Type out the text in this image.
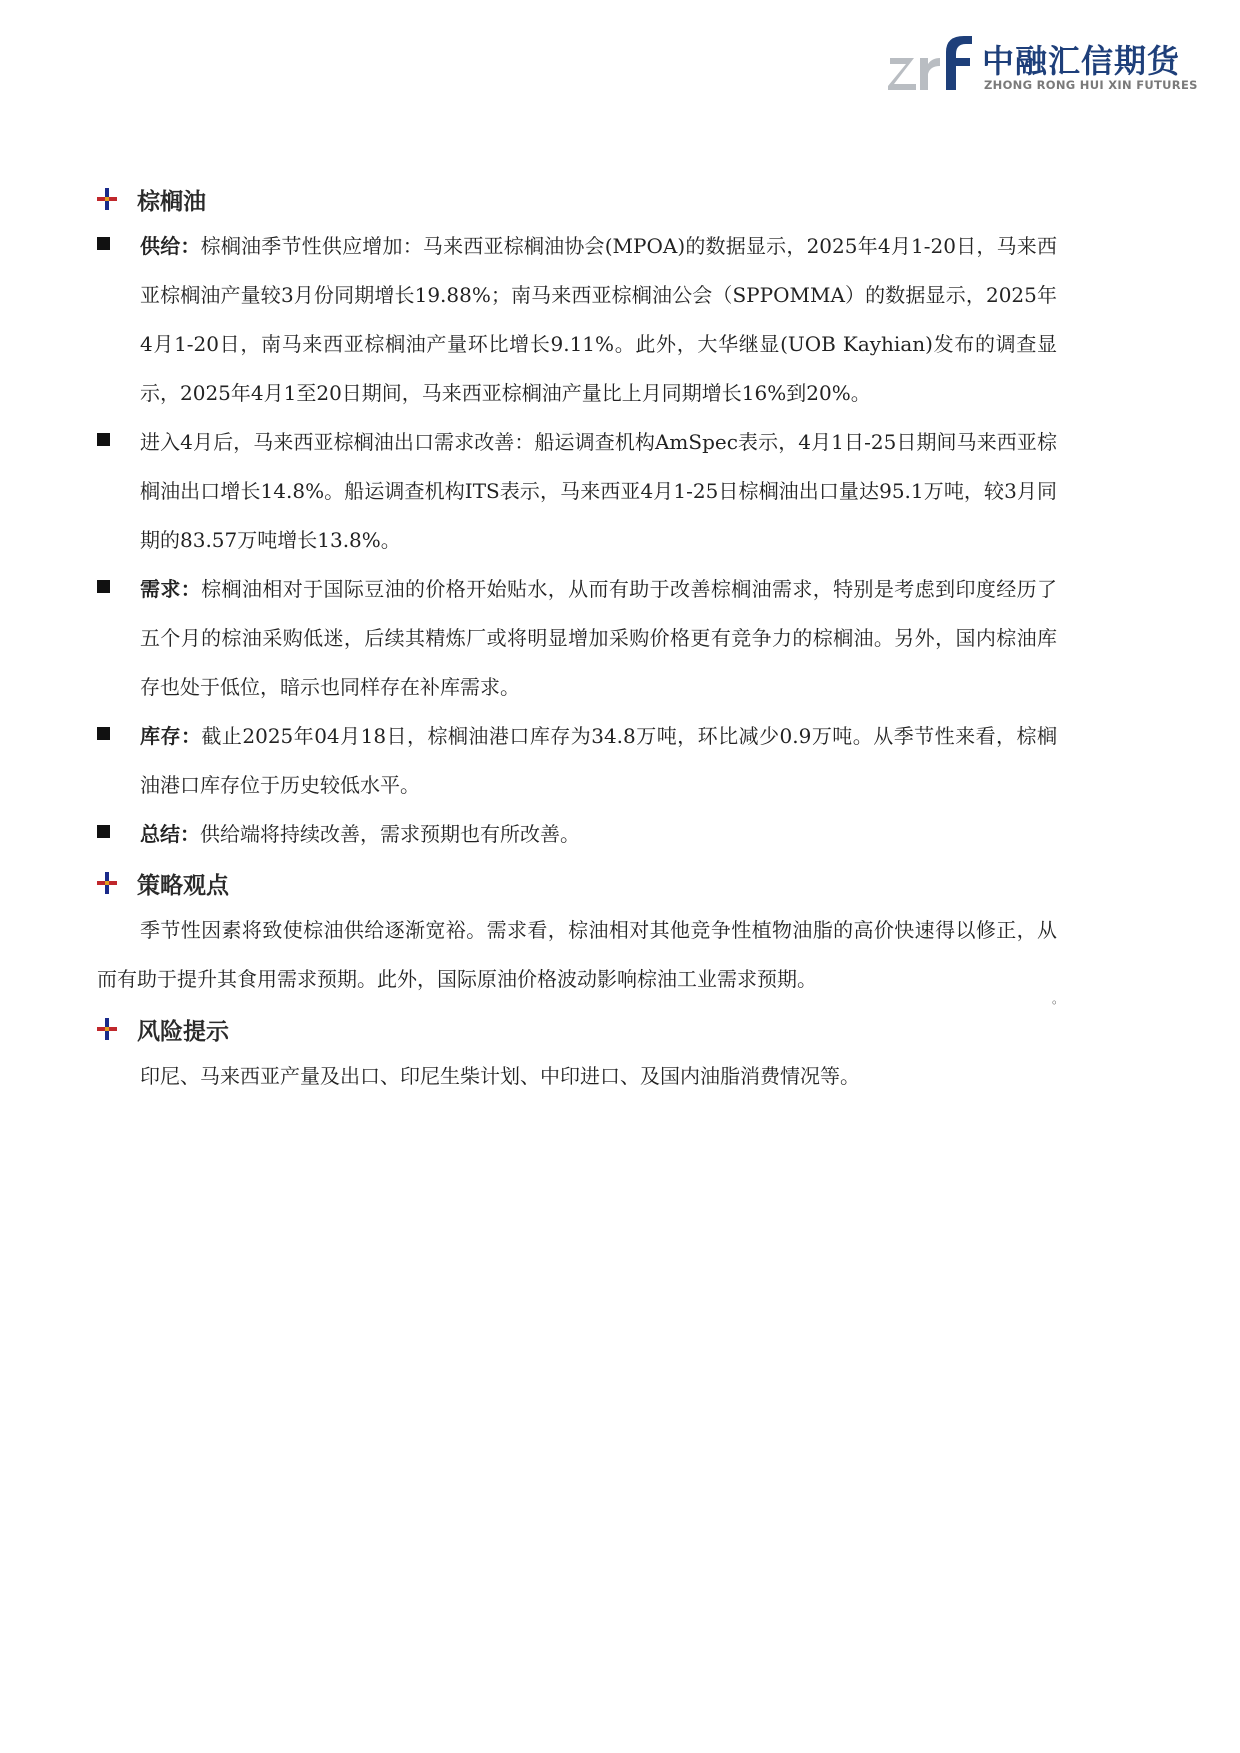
中融汇信期货
ZHONG RONG HUI XIN FUTURES
棕榈油
供给：棕榈油季节性供应增加：马来西亚棕榈油协会(MPOA)的数据显示，2025年4月1-20日，马来西亚棕榈油产量较3月份同期增长19.88%；南马来西亚棕榈油公会（SPPOMMA）的数据显示，2025年4月1-20日，南马来西亚棕榈油产量环比增长9.11%。此外，大华继显(UOB Kayhian)发布的调查显示，2025年4月1至20日期间，马来西亚棕榈油产量比上月同期增长16%到20%。
进入4月后，马来西亚棕榈油出口需求改善：船运调查机构AmSpec表示，4月1日-25日期间马来西亚棕榈油出口增长14.8%。船运调查机构ITS表示，马来西亚4月1-25日棕榈油出口量达95.1万吨，较3月同期的83.57万吨增长13.8%。
需求：棕榈油相对于国际豆油的价格开始贴水，从而有助于改善棕榈油需求，特别是考虑到印度经历了五个月的棕油采购低迷，后续其精炼厂或将明显增加采购价格更有竞争力的棕榈油。另外，国内棕油库存也处于低位，暗示也同样存在补库需求。
库存：截止2025年04月18日，棕榈油港口库存为34.8万吨，环比减少0.9万吨。从季节性来看，棕榈油港口库存位于历史较低水平。
总结：供给端将持续改善，需求预期也有所改善。
策略观点
季节性因素将致使棕油供给逐渐宽裕。需求看，棕油相对其他竞争性植物油脂的高价快速得以修正，从而有助于提升其食用需求预期。此外，国际原油价格波动影响棕油工业需求预期。
。
风险提示
印尼、马来西亚产量及出口、印尼生柴计划、中印进口、及国内油脂消费情况等。
